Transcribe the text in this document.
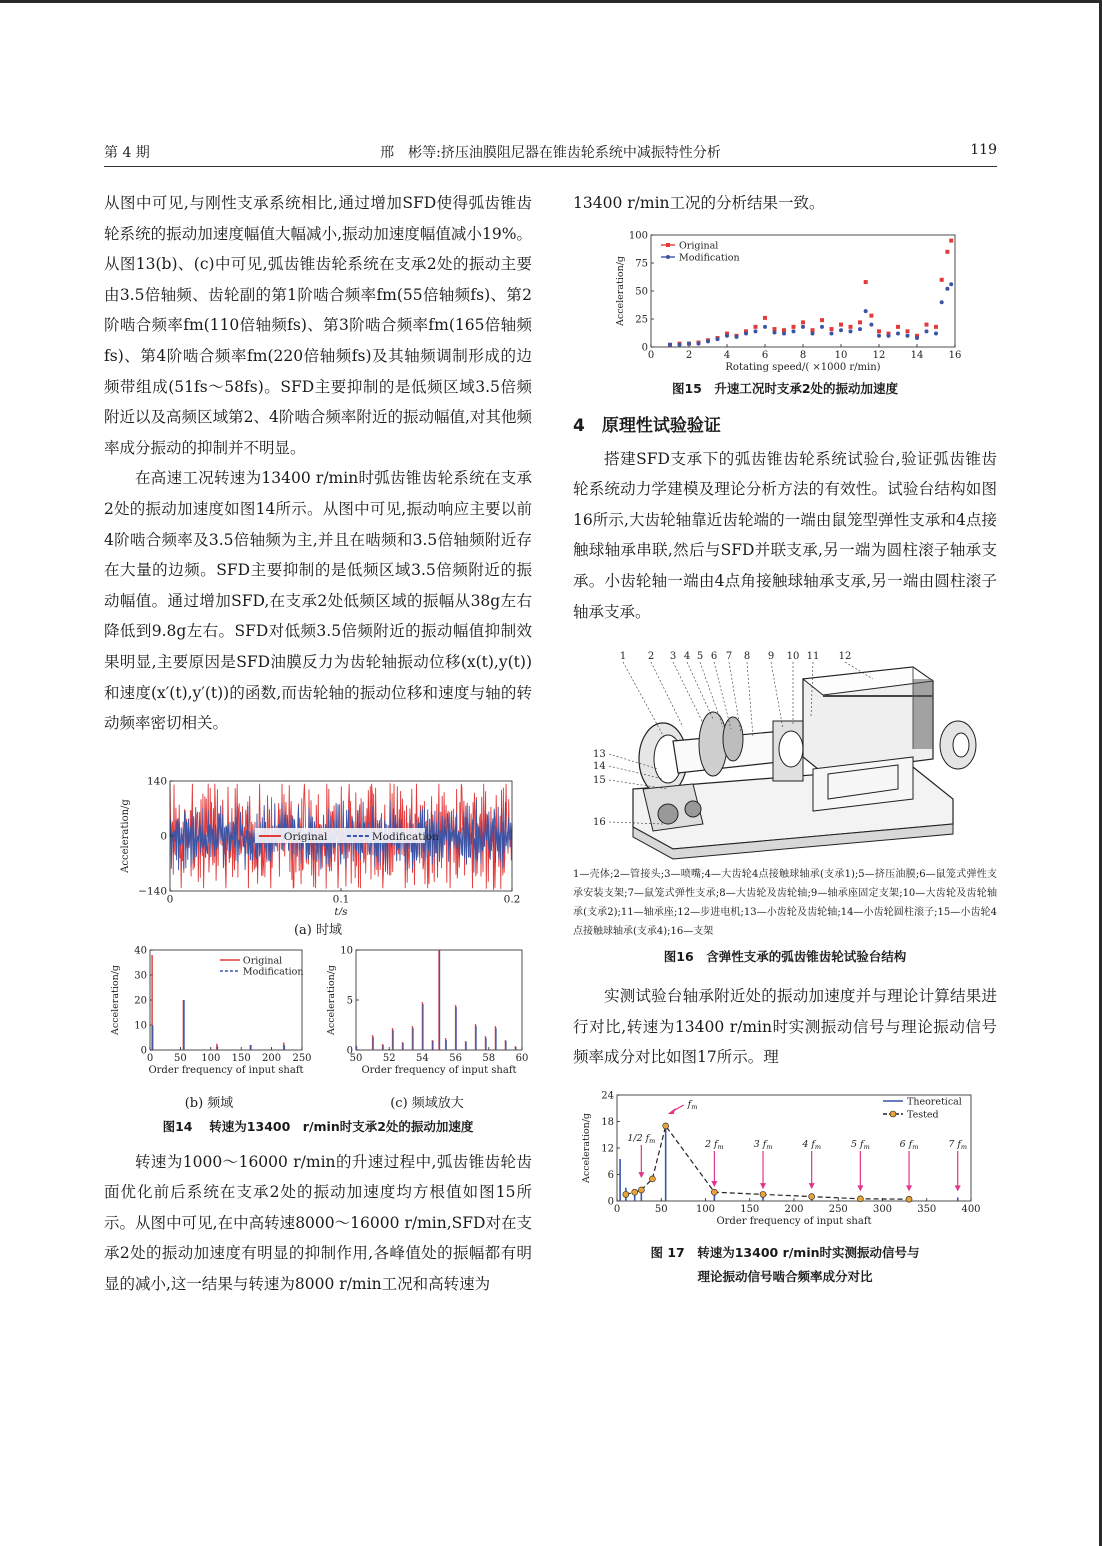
第 4 期	邢　彬等:挤压油膜阻尼器在锥齿轮系统中减振特性分析	119

从图中可见,与刚性支承系统相比,通过增加SFD使得弧齿锥齿轮系统的振动加速度幅值大幅减小,振动加速度幅值减小19%。从图13(b)、(c)中可见,弧齿锥齿轮系统在支承2处的振动主要由3.5倍轴频、齿轮副的第1阶啮合频率fm(55倍轴频fs)、第2阶啮合频率fm(110倍轴频fs)、第3阶啮合频率fm(165倍轴频fs)、第4阶啮合频率fm(220倍轴频fs)及其轴频调制形成的边频带组成(51fs～58fs)。SFD主要抑制的是低频区域3.5倍频附近以及高频区域第2、4阶啮合频率附近的振动幅值,对其他频率成分振动的抑制并不明显。

在高速工况转速为13400 r/min时弧齿锥齿轮系统在支承2处的振动加速度如图14所示。从图中可见,振动响应主要以前4阶啮合频率及3.5倍轴频为主,并且在啮频和3.5倍轴频附近存在大量的边频。SFD主要抑制的是低频区域3.5倍频附近的振动幅值。通过增加SFD,在支承2处低频区域的振幅从38g左右降低到9.8g左右。SFD对低频3.5倍频附近的振动幅值抑制效果明显,主要原因是SFD油膜反力为齿轮轴振动位移(x(t),y(t))和速度(x′(t),y′(t))的函数,而齿轮轴的振动位移和速度与轴的转动频率密切相关。

0	0.1	0.2
140
0
−140
t/s
Acceleration/g	Original	Modification
(a) 时域
0 50 100 150 200 250
0
10
20
30
40
Order frequency of input shaft
Acceleration/g
Original
Modification
(b) 频域
50 52 54 56 58 60
0
5
10
Order frequency of input shaft
Acceleration/g
(c) 频域放大
图14　 转速为13400　r/min时支承2处的振动加速度

转速为1000～16000 r/min的升速过程中,弧齿锥齿轮齿面优化前后系统在支承2处的振动加速度均方根值如图15所示。从图中可见,在中高转速8000～16000 r/min,SFD对在支承2处的振动加速度有明显的抑制作用,各峰值处的振幅都有明显的减小,这一结果与转速为8000 r/min工况和高转速为

13400 r/min工况的分析结果一致。

0	2	4	6	8	10	12	14	16
0
25
50
75
100
Rotating speed/( ×1000 r/min)
Acceleration/g
Original
Modification
图15　升速工况时支承2处的振动加速度
4　原理性试验验证

搭建SFD支承下的弧齿锥齿轮系统试验台,验证弧齿锥齿轮系统动力学建模及理论分析方法的有效性。试验台结构如图16所示,大齿轮轴靠近齿轮端的一端由鼠笼型弹性支承和4点接触球轴承串联,然后与SFD并联支承,另一端为圆柱滚子轴承支承。小齿轮轴一端由4点角接触球轴承支承,另一端由圆柱滚子轴承支承。

1 2 3 4 5 6 7 8 9 10 11 12
13
14
15
16
1—壳体;2—管接头;3—喷嘴;4—大齿轮4点接触球轴承(支承1);5—挤压油膜;6—鼠笼式弹性支承安装支架;7—鼠笼式弹性支承;8—大齿轮及齿轮轴;9—轴承座固定支架;10—大齿轮及齿轮轴承(支承2);11—轴承座;12—步进电机;13—小齿轮及齿轮轴;14—小齿轮圆柱滚子;15—小齿轮4点接触球轴承(支承4);16—支架
图16　含弹性支承的弧齿锥齿轮试验台结构

实测试验台轴承附近处的振动加速度并与理论计算结果进行对比,转速为13400 r/min时实测振动信号与理论振动信号频率成分对比如图17所示。理

0	50	100	150	200	250	300	350	400
0
6
12
18
24
Order frequency of input shaft
Acceleration/g	1/2 $f_m$
$f_m$
2 $f_m$	3 $f_m$	4 $f_m$	5 $f_m$	6 $f_m$	7 $f_m$
Theoretical
Tested
图 17　转速为13400 r/min时实测振动信号与
理论振动信号啮合频率成分对比
